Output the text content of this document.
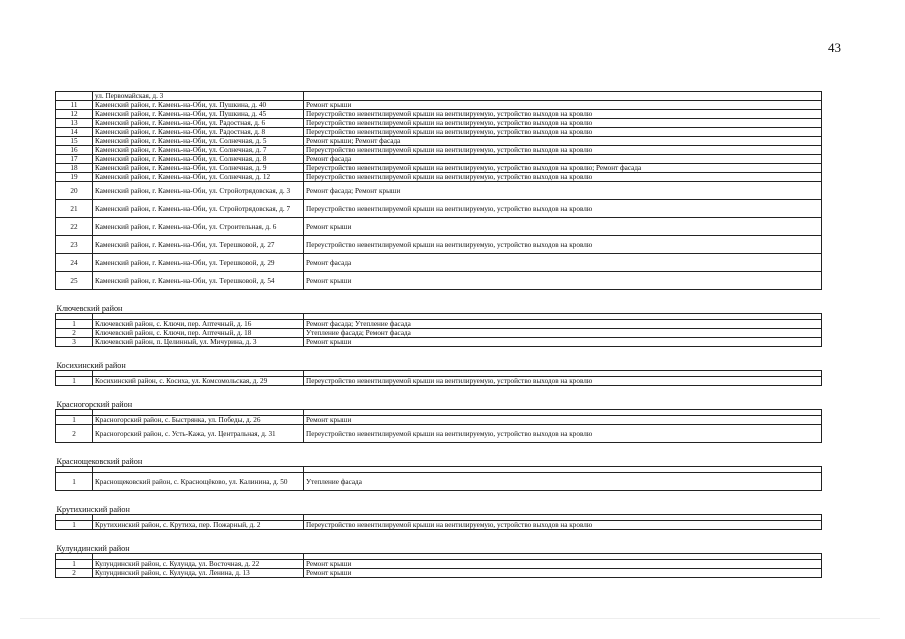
43
	ул. Первомайская, д. 3	
11	Каменский район, г. Камень-на-Оби, ул. Пушкина, д. 40	Ремонт крыши
12	Каменский район, г. Камень-на-Оби, ул. Пушкина, д. 45	Переустройство невентилируемой крыши на вентилируемую, устройство выходов на кровлю
13	Каменский район, г. Камень-на-Оби, ул. Радостная, д. 6	Переустройство невентилируемой крыши на вентилируемую, устройство выходов на кровлю
14	Каменский район, г. Камень-на-Оби, ул. Радостная, д. 8	Переустройство невентилируемой крыши на вентилируемую, устройство выходов на кровлю
15	Каменский район, г. Камень-на-Оби, ул. Солнечная, д. 5	Ремонт крыши; Ремонт фасада
16	Каменский район, г. Камень-на-Оби, ул. Солнечная, д. 7	Переустройство невентилируемой крыши на вентилируемую, устройство выходов на кровлю
17	Каменский район, г. Камень-на-Оби, ул. Солнечная, д. 8	Ремонт фасада
18	Каменский район, г. Камень-на-Оби, ул. Солнечная, д. 9	Переустройство невентилируемой крыши на вентилируемую, устройство выходов на кровлю; Ремонт фасада
19	Каменский район, г. Камень-на-Оби, ул. Солнечная, д. 12	Переустройство невентилируемой крыши на вентилируемую, устройство выходов на кровлю
20	Каменский район, г. Камень-на-Оби, ул. Стройотрядовская, д. 3	Ремонт фасада; Ремонт крыши
21	Каменский район, г. Камень-на-Оби, ул. Стройотрядовская, д. 7	Переустройство невентилируемой крыши на вентилируемую, устройство выходов на кровлю
22	Каменский район, г. Камень-на-Оби, ул. Строительная, д. 6	Ремонт крыши
23	Каменский район, г. Камень-на-Оби, ул. Терешковой, д. 27	Переустройство невентилируемой крыши на вентилируемую, устройство выходов на кровлю
24	Каменский район, г. Камень-на-Оби, ул. Терешковой, д. 29	Ремонт фасада
25	Каменский район, г. Камень-на-Оби, ул. Терешковой, д. 54	Ремонт крыши

Ключевский район		

1	Ключевский район, с. Ключи, пер. Аптечный, д. 16	Ремонт фасада; Утепление фасада
2	Ключевский район, с. Ключи, пер. Аптечный, д. 18	Утепление фасада; Ремонт фасада
3	Ключевский район, п. Целинный, ул. Мичурина, д. 3	Ремонт крыши

Косихинский район		

1	Косихинский район, с. Косиха, ул. Комсомольская, д. 29	Переустройство невентилируемой крыши на вентилируемую, устройство выходов на кровлю

Красногорский район		

1	Красногорский район, с. Быстрянка, ул. Победы, д. 26	Ремонт крыши
2	Красногорский район, с. Усть-Кажа, ул. Центральная, д. 31	Переустройство невентилируемой крыши на вентилируемую, устройство выходов на кровлю

Краснощековский район		

1	Краснощековский район, с. Краснощёково, ул. Калинина, д. 50	Утепление фасада

Крутихинский район		

1	Крутихинский район, с. Крутиха, пер. Пожарный, д. 2	Переустройство невентилируемой крыши на вентилируемую, устройство выходов на кровлю

Кулундинский район		

1	Кулундинский район, с. Кулунда, ул. Восточная, д. 22	Ремонт крыши
2	Кулундинский район, с. Кулунда, ул. Ленина, д. 13	Ремонт крыши
